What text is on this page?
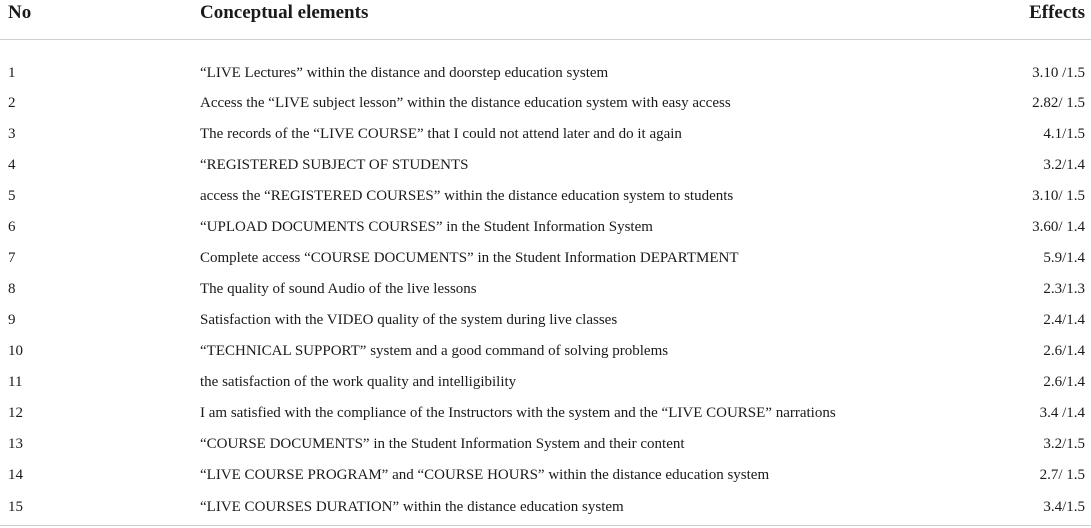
No	Conceptual elements	Effects

1	“LIVE Lectures” within the distance and doorstep education system	3.10 /1.5
2	Access the “LIVE subject lesson” within the distance education system with easy access	2.82/ 1.5
3	The records of the “LIVE COURSE” that I could not attend later and do it again	4.1/1.5
4	“REGISTERED SUBJECT OF STUDENTS	3.2/1.4
5	access the “REGISTERED COURSES” within the distance education system to students	3.10/ 1.5
6	“UPLOAD DOCUMENTS COURSES” in the Student Information System	3.60/ 1.4
7	Complete access “COURSE DOCUMENTS” in the Student Information DEPARTMENT	5.9/1.4
8	The quality of sound Audio of the live lessons	2.3/1.3
9	Satisfaction with the VIDEO quality of the system during live classes	2.4/1.4
10	“TECHNICAL SUPPORT” system and a good command of solving problems	2.6/1.4
11	the satisfaction of the work quality and intelligibility	2.6/1.4
12	I am satisfied with the compliance of the Instructors with the system and the “LIVE COURSE” narrations	3.4 /1.4
13	“COURSE DOCUMENTS” in the Student Information System and their content	3.2/1.5
14	“LIVE COURSE PROGRAM” and “COURSE HOURS” within the distance education system	2.7/ 1.5
15	“LIVE COURSES DURATION” within the distance education system	3.4/1.5
